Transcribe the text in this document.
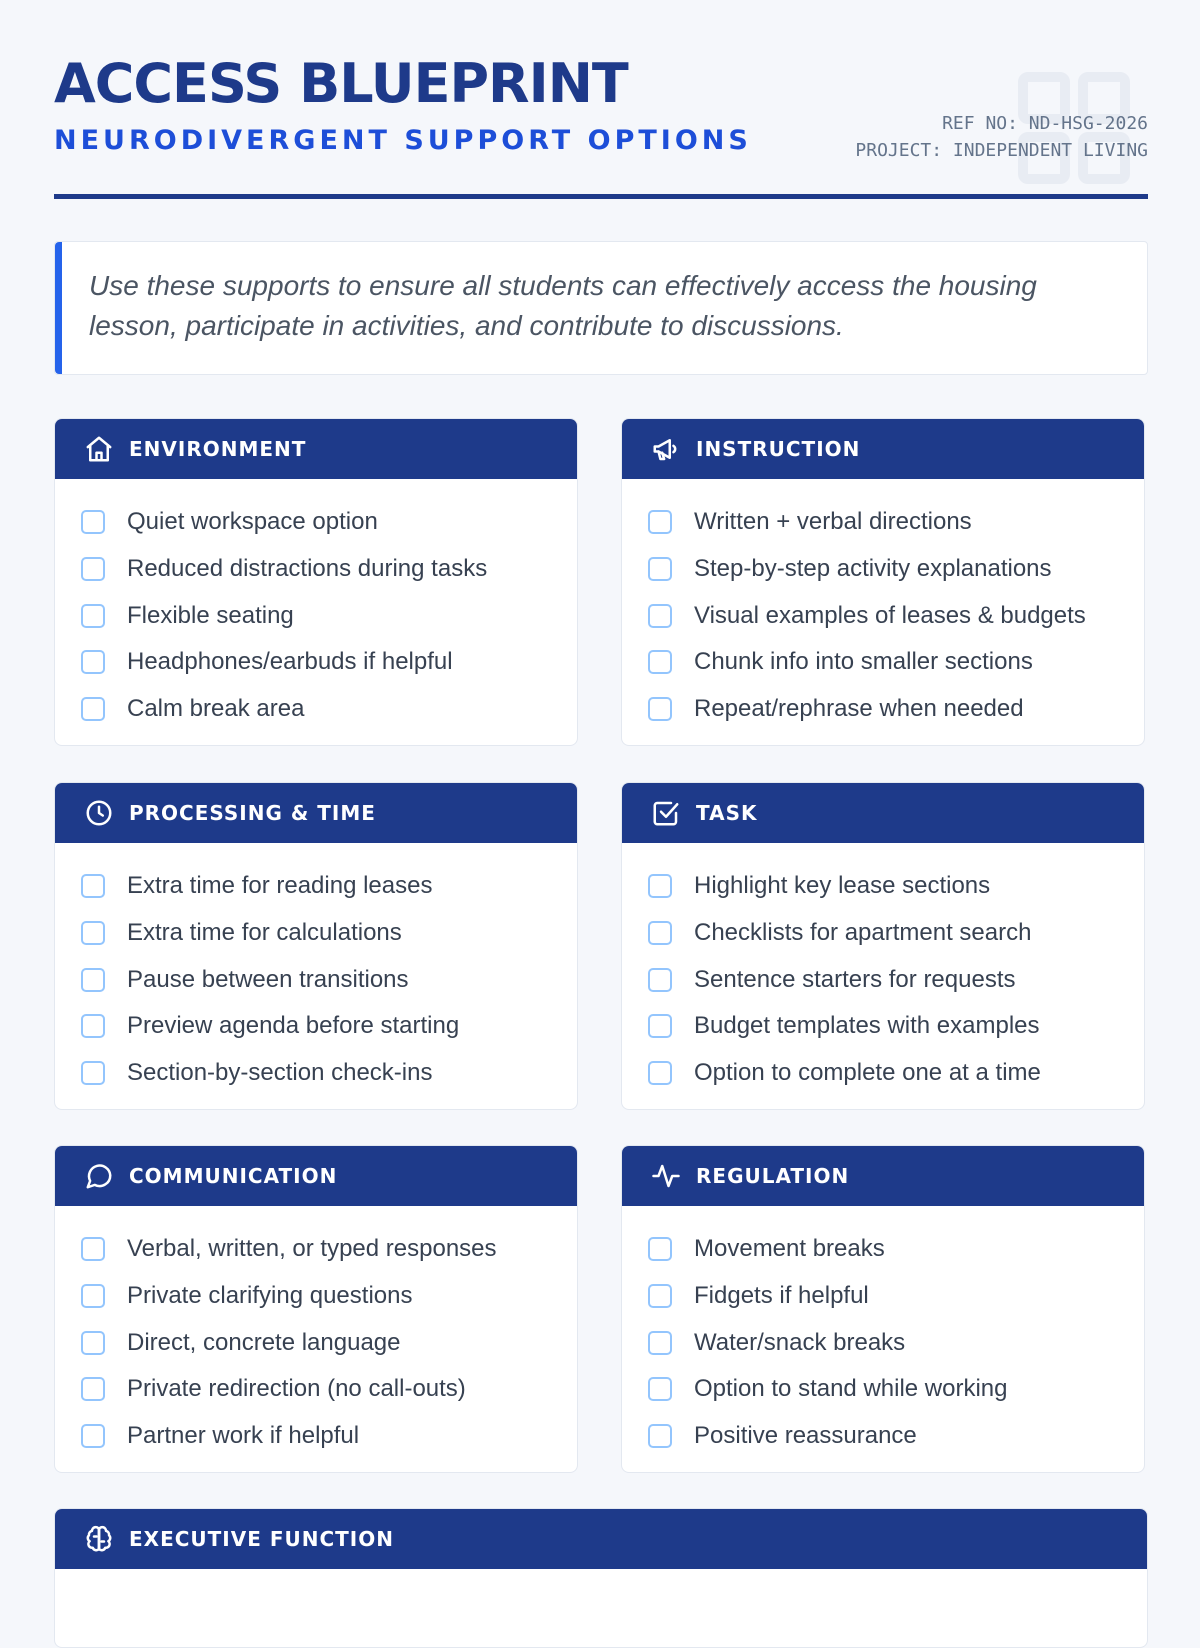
ACCESS BLUEPRINT
NEURODIVERGENT SUPPORT OPTIONS
REF NO: ND-HSG-2026
PROJECT: INDEPENDENT LIVING

Use these supports to ensure all students can effectively access the housing lesson, participate in activities, and contribute to discussions.

ENVIRONMENT
Quiet workspace option
Reduced distractions during tasks
Flexible seating
Headphones/earbuds if helpful
Calm break area
INSTRUCTION
Written + verbal directions
Step-by-step activity explanations
Visual examples of leases & budgets
Chunk info into smaller sections
Repeat/rephrase when needed
PROCESSING & TIME
Extra time for reading leases
Extra time for calculations
Pause between transitions
Preview agenda before starting
Section-by-section check-ins
TASK
Highlight key lease sections
Checklists for apartment search
Sentence starters for requests
Budget templates with examples
Option to complete one at a time
COMMUNICATION
Verbal, written, or typed responses
Private clarifying questions
Direct, concrete language
Private redirection (no call-outs)
Partner work if helpful
REGULATION
Movement breaks
Fidgets if helpful
Water/snack breaks
Option to stand while working
Positive reassurance
EXECUTIVE FUNCTION
